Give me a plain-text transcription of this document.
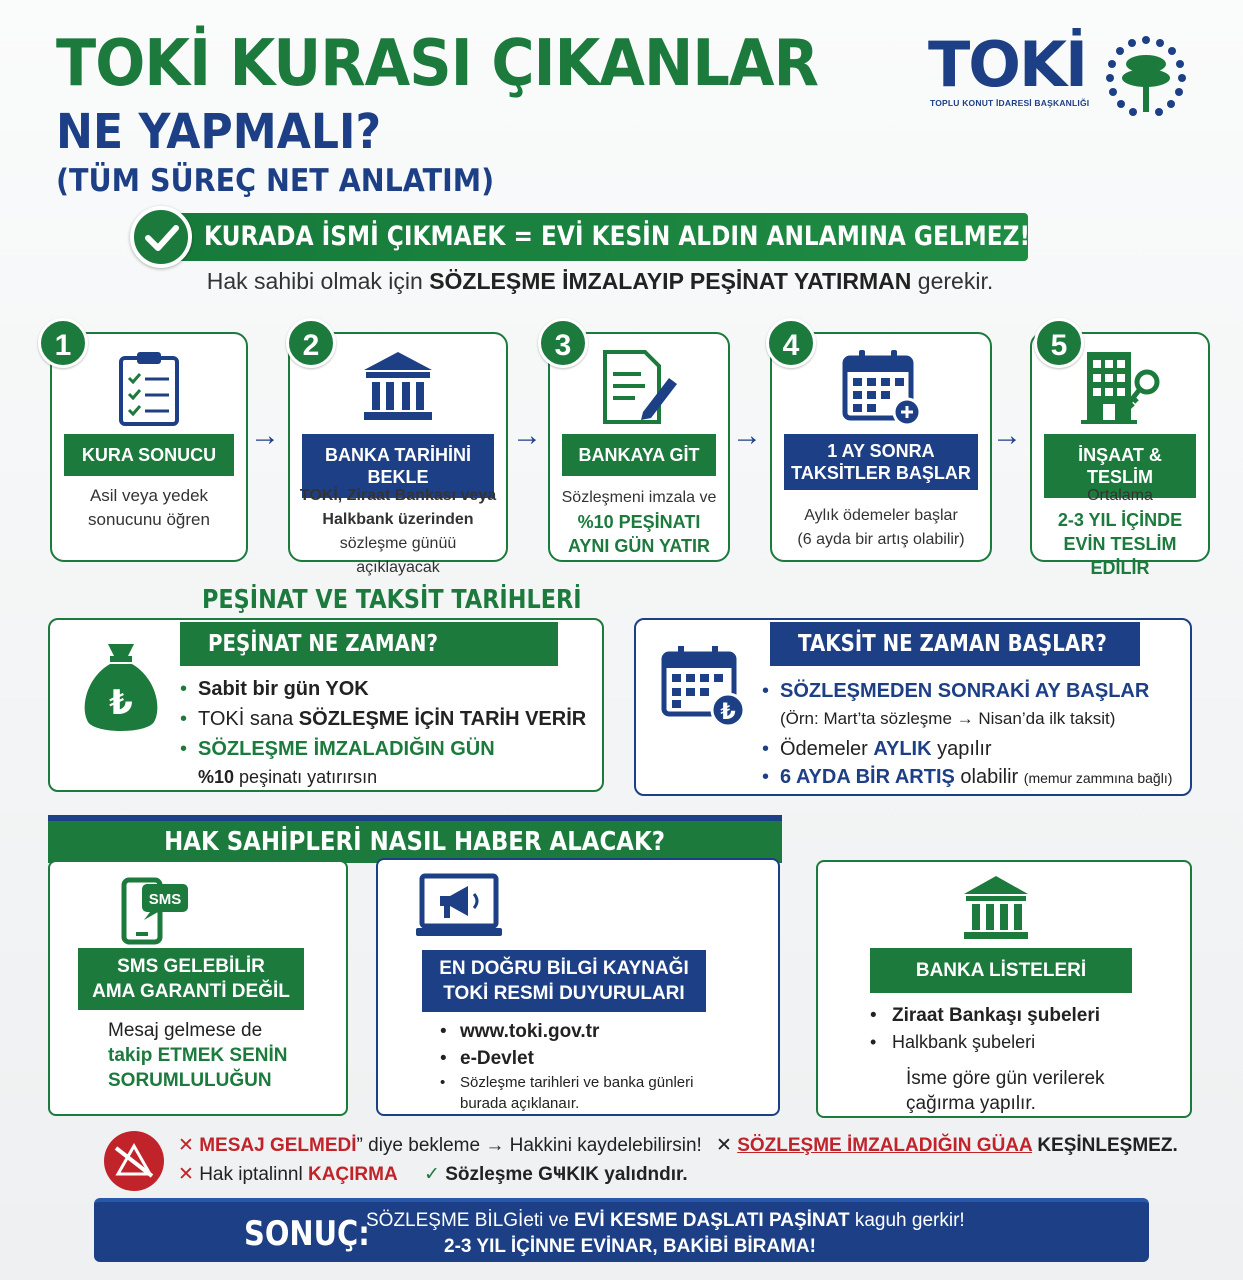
TOKİ KURASI ÇIKANLAR
NE YAPMALI?
(TÜM SÜREÇ NET ANLATIM)
TOKİ
TOPLU KONUT İDARESİ BAŞKANLIĞI
KURADA İSMİ ÇIKMAEK = EVİ KESİN ALDIN ANLAMINA GELMEZ!
Hak sahibi olmak için SÖZLEŞME İMZALAYIP PEŞİNAT YATIRMAN gerekir.
KURA SONUCU
Asil veya yedek
sonucunu öğren
1
→
BANKA TARİHİNİ BEKLE
TOKİ, Ziraat Bankası veya
Halkbank üzerinden
sözleşme günüü açıklayacak
2
→
BANKAYA GİT
Sözleşmeni imzala ve
%10 PEŞİNATI
AYNI GÜN YATIR
3
→	1 AY SONRA
TAKSİTLER BAŞLAR
Aylık ödemeler başlar
(6 ayda bir artış olabilir)
4
→
İNŞAAT & TESLİM
Ortalama
2-3 YIL İÇİNDE
EVİN TESLİM EDİLİR
5
PEŞİNAT VE TAKSİT TARİHLERİ
PEŞİNAT NE ZAMAN?
₺ • Sabit bir gün YOK
• TOKİ sana SÖZLEŞME İÇİN TARİH VERİR
• SÖZLEŞME İMZALADIĞIN GÜN
%10 peşinatı yatırırsın
TAKSİT NE ZAMAN BAŞLAR?
₺
• SÖZLEŞMEDEN SONRAKİ AY BAŞLAR
(Örn: Mart’ta sözleşme → Nisan’da ilk taksit)
• Ödemeler AYLIK yapılır
• 6 AYDA BİR ARTIŞ olabilir (memur zammına bağlı)
HAK SAHİPLERİ NASIL HABER ALACAK?
SMS
SMS GELEBİLİR
AMA GARANTİ DEĞİL
Mesaj gelmese de
takip ETMEK SENİN
SORUMLULUĞUN
EN DOĞRU BİLGİ KAYNAĞI
TOKİ RESMİ DUYURULARI
• www.toki.gov.tr
• e-Devlet
• Sözleşme tarihleri ve banka günleri
burada açıklanaır.
BANKA LİSTELERİ
• Ziraat Bankaşı şubeleri
• Halkbank şubeleri
İsme göre gün verilerek
çağırma yapılır.
✕ MESAJ GELMEDİ” diye bekleme → Hakkini kaydelebilirsin!
✕ Hak iptalinnl KAÇIRMA ✓ Sözleşme GҸKIK yalıdndır.
✕ SÖZLEŞME İMZALADIĞIN GÜAA KEŞİNLEŞMEZ.
SONUÇ:
SÖZLEŞME BİLGİeti ve EVİ KESME DAŞLATI PAŞİNAT kaguh gerkir!
2-3 YIL İÇİNNE EVİNAR, BAKİBİ BİRAMA!
